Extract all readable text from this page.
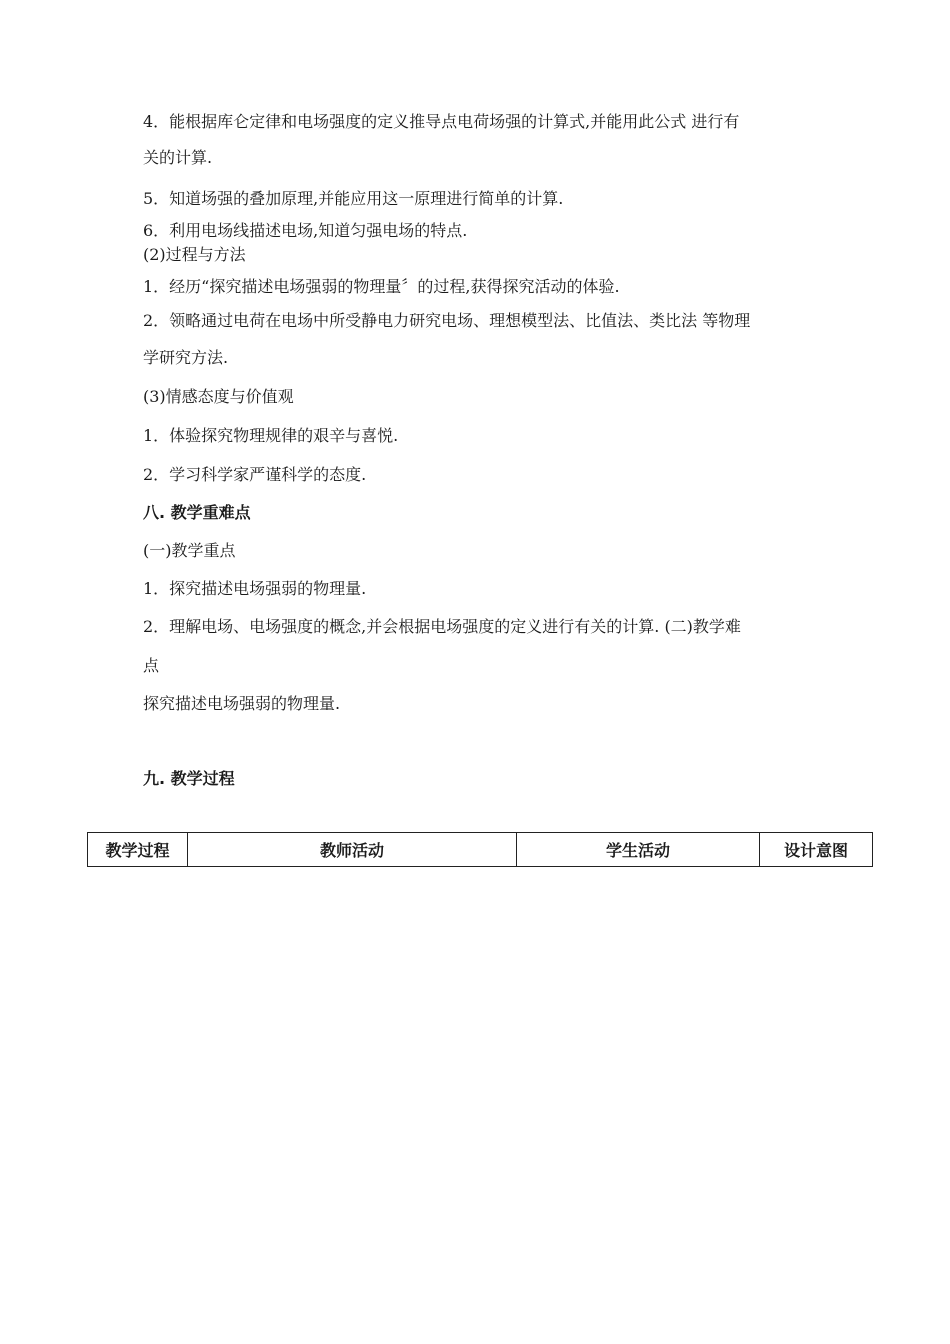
4．能根据库仑定律和电场强度的定义推导点电荷场强的计算式,并能用此公式 进行有
关的计算.
5．知道场强的叠加原理,并能应用这一原理进行简单的计算.
6．利用电场线描述电场,知道匀强电场的特点.
(2)过程与方法
1．经历“探究描述电场强弱的物理量〞的过程,获得探究活动的体验.
2．领略通过电荷在电场中所受静电力研究电场、理想模型法、比值法、类比法 等物理
学研究方法.
(3)情感态度与价值观
1．体验探究物理规律的艰辛与喜悦.
2．学习科学家严谨科学的态度.
八. 教学重难点
(一)教学重点
1．探究描述电场强弱的物理量.
2．理解电场、电场强度的概念,并会根据电场强度的定义进行有关的计算. (二)教学难
点
探究描述电场强弱的物理量.
九. 教学过程
教学过程	教师活动	学生活动	设计意图
